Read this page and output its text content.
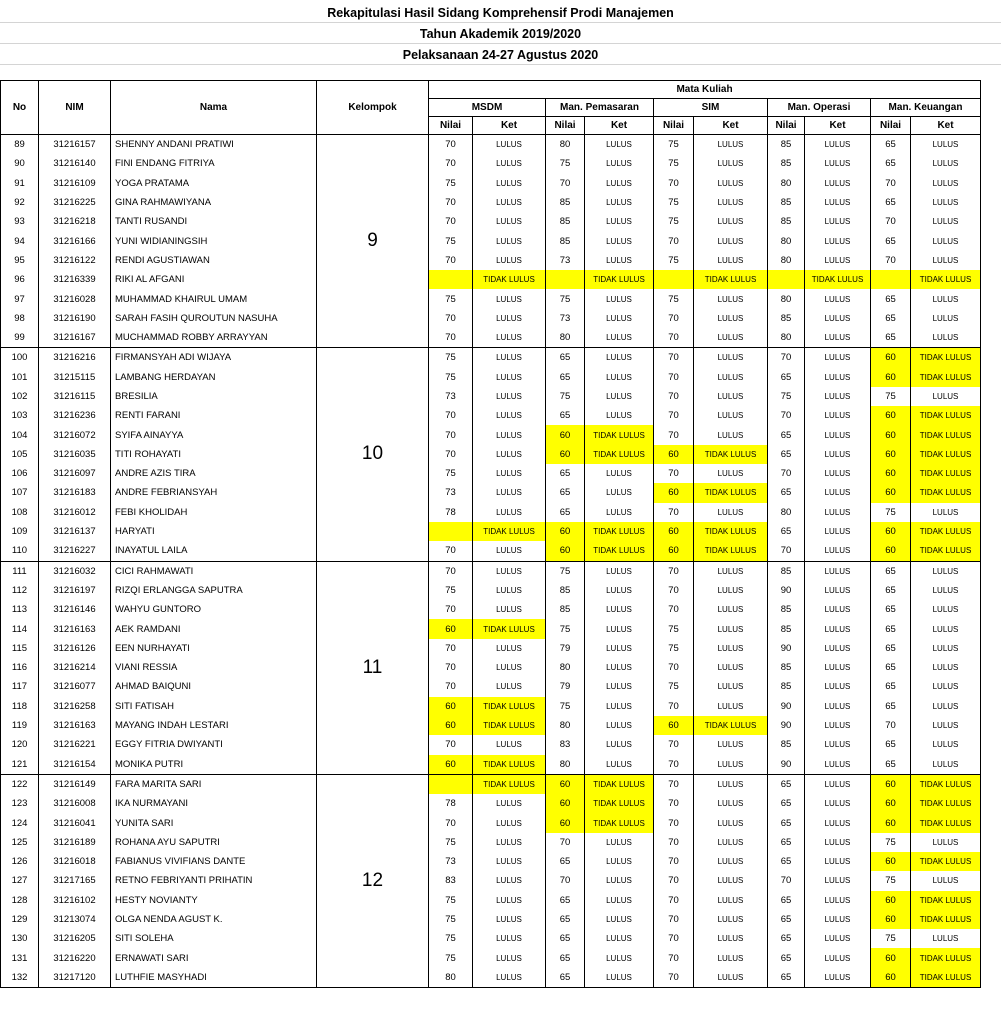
Rekapitulasi Hasil Sidang Komprehensif Prodi Manajemen
Tahun Akademik 2019/2020
Pelaksanaan 24-27 Agustus 2020
No	NIM	Nama	Kelompok	Mata Kuliah									
				MSDM		Man. Pemasaran		SIM		Man. Operasi		Man. Keuangan	
				Nilai	Ket	Nilai	Ket	Nilai	Ket	Nilai	Ket	Nilai	Ket
89	31216157	SHENNY ANDANI PRATIWI	9	70	LULUS	80	LULUS	75	LULUS	85	LULUS	65	LULUS
90	31216140	FINI ENDANG FITRIYA		70	LULUS	75	LULUS	75	LULUS	85	LULUS	65	LULUS
91	31216109	YOGA PRATAMA		75	LULUS	70	LULUS	70	LULUS	80	LULUS	70	LULUS
92	31216225	GINA RAHMAWIYANA		70	LULUS	85	LULUS	75	LULUS	85	LULUS	65	LULUS
93	31216218	TANTI RUSANDI		70	LULUS	85	LULUS	75	LULUS	85	LULUS	70	LULUS
94	31216166	YUNI WIDIANINGSIH		75	LULUS	85	LULUS	70	LULUS	80	LULUS	65	LULUS
95	31216122	RENDI AGUSTIAWAN		70	LULUS	73	LULUS	75	LULUS	80	LULUS	70	LULUS
96	31216339	RIKI AL AFGANI			TIDAK LULUS		TIDAK LULUS		TIDAK LULUS		TIDAK LULUS		TIDAK LULUS
97	31216028	MUHAMMAD KHAIRUL UMAM		75	LULUS	75	LULUS	75	LULUS	80	LULUS	65	LULUS
98	31216190	SARAH FASIH QUROUTUN NASUHA		70	LULUS	73	LULUS	70	LULUS	85	LULUS	65	LULUS
99	31216167	MUCHAMMAD ROBBY ARRAYYAN		70	LULUS	80	LULUS	70	LULUS	80	LULUS	65	LULUS
100	31216216	FIRMANSYAH ADI WIJAYA	10	75	LULUS	65	LULUS	70	LULUS	70	LULUS	60	TIDAK LULUS
101	31215115	LAMBANG HERDAYAN		75	LULUS	65	LULUS	70	LULUS	65	LULUS	60	TIDAK LULUS
102	31216115	BRESILIA		73	LULUS	75	LULUS	70	LULUS	75	LULUS	75	LULUS
103	31216236	RENTI FARANI		70	LULUS	65	LULUS	70	LULUS	70	LULUS	60	TIDAK LULUS
104	31216072	SYIFA AINAYYA		70	LULUS	60	TIDAK LULUS	70	LULUS	65	LULUS	60	TIDAK LULUS
105	31216035	TITI ROHAYATI		70	LULUS	60	TIDAK LULUS	60	TIDAK LULUS	65	LULUS	60	TIDAK LULUS
106	31216097	ANDRE AZIS TIRA		75	LULUS	65	LULUS	70	LULUS	70	LULUS	60	TIDAK LULUS
107	31216183	ANDRE FEBRIANSYAH		73	LULUS	65	LULUS	60	TIDAK LULUS	65	LULUS	60	TIDAK LULUS
108	31216012	FEBI KHOLIDAH		78	LULUS	65	LULUS	70	LULUS	80	LULUS	75	LULUS
109	31216137	HARYATI			TIDAK LULUS	60	TIDAK LULUS	60	TIDAK LULUS	65	LULUS	60	TIDAK LULUS
110	31216227	INAYATUL LAILA		70	LULUS	60	TIDAK LULUS	60	TIDAK LULUS	70	LULUS	60	TIDAK LULUS
111	31216032	CICI RAHMAWATI	11	70	LULUS	75	LULUS	70	LULUS	85	LULUS	65	LULUS
112	31216197	RIZQI ERLANGGA SAPUTRA		75	LULUS	85	LULUS	70	LULUS	90	LULUS	65	LULUS
113	31216146	WAHYU GUNTORO		70	LULUS	85	LULUS	70	LULUS	85	LULUS	65	LULUS
114	31216163	AEK RAMDANI		60	TIDAK LULUS	75	LULUS	75	LULUS	85	LULUS	65	LULUS
115	31216126	EEN NURHAYATI		70	LULUS	79	LULUS	75	LULUS	90	LULUS	65	LULUS
116	31216214	VIANI RESSIA		70	LULUS	80	LULUS	70	LULUS	85	LULUS	65	LULUS
117	31216077	AHMAD BAIQUNI		70	LULUS	79	LULUS	75	LULUS	85	LULUS	65	LULUS
118	31216258	SITI FATISAH		60	TIDAK LULUS	75	LULUS	70	LULUS	90	LULUS	65	LULUS
119	31216163	MAYANG INDAH LESTARI		60	TIDAK LULUS	80	LULUS	60	TIDAK LULUS	90	LULUS	70	LULUS
120	31216221	EGGY FITRIA DWIYANTI		70	LULUS	83	LULUS	70	LULUS	85	LULUS	65	LULUS
121	31216154	MONIKA PUTRI		60	TIDAK LULUS	80	LULUS	70	LULUS	90	LULUS	65	LULUS
122	31216149	FARA MARITA SARI	12		TIDAK LULUS	60	TIDAK LULUS	70	LULUS	65	LULUS	60	TIDAK LULUS
123	31216008	IKA NURMAYANI		78	LULUS	60	TIDAK LULUS	70	LULUS	65	LULUS	60	TIDAK LULUS
124	31216041	YUNITA SARI		70	LULUS	60	TIDAK LULUS	70	LULUS	65	LULUS	60	TIDAK LULUS
125	31216189	ROHANA AYU SAPUTRI		75	LULUS	70	LULUS	70	LULUS	65	LULUS	75	LULUS
126	31216018	FABIANUS VIVIFIANS DANTE		73	LULUS	65	LULUS	70	LULUS	65	LULUS	60	TIDAK LULUS
127	31217165	RETNO FEBRIYANTI PRIHATIN		83	LULUS	70	LULUS	70	LULUS	70	LULUS	75	LULUS
128	31216102	HESTY NOVIANTY		75	LULUS	65	LULUS	70	LULUS	65	LULUS	60	TIDAK LULUS
129	31213074	OLGA NENDA AGUST K.		75	LULUS	65	LULUS	70	LULUS	65	LULUS	60	TIDAK LULUS
130	31216205	SITI SOLEHA		75	LULUS	65	LULUS	70	LULUS	65	LULUS	75	LULUS
131	31216220	ERNAWATI SARI		75	LULUS	65	LULUS	70	LULUS	65	LULUS	60	TIDAK LULUS
132	31217120	LUTHFIE MASYHADI		80	LULUS	65	LULUS	70	LULUS	65	LULUS	60	TIDAK LULUS
